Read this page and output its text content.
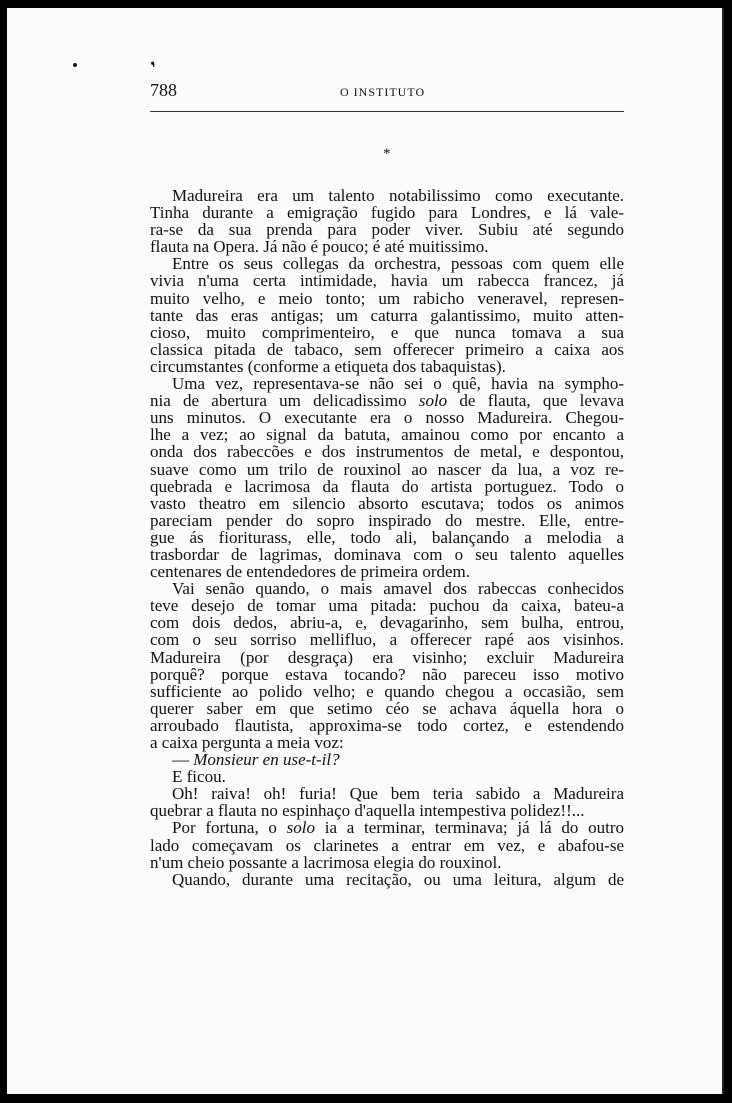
❜
788	O INSTITUTO
*
Madureira era um talento notabilissimo como executante.
Tinha durante a emigração fugido para Londres, e lá vale-
ra-se da sua prenda para poder viver. Subiu até segundo
flauta na Opera. Já não é pouco; é até muitissimo.
Entre os seus collegas da orchestra, pessoas com quem elle
vivia n'uma certa intimidade, havia um rabecca francez, já
muito velho, e meio tonto; um rabicho veneravel, represen-
tante das eras antigas; um caturra galantissimo, muito atten-
cioso, muito comprimenteiro, e que nunca tomava a sua
classica pitada de tabaco, sem offerecer primeiro a caixa aos
circumstantes (conforme a etiqueta dos tabaquistas).
Uma vez, representava-se não sei o quê, havia na sympho-
nia de abertura um delicadissimo solo de flauta, que levava
uns minutos. O executante era o nosso Madureira. Chegou-
lhe a vez; ao signal da batuta, amainou como por encanto a
onda dos rabeccões e dos instrumentos de metal, e despontou,
suave como um trilo de rouxinol ao nascer da lua, a voz re-
quebrada e lacrimosa da flauta do artista portuguez. Todo o
vasto theatro em silencio absorto escutava; todos os animos
pareciam pender do sopro inspirado do mestre. Elle, entre-
gue ás fioriturass, elle, todo ali, balançando a melodia a
trasbordar de lagrimas, dominava com o seu talento aquelles
centenares de entendedores de primeira ordem.
Vai senão quando, o mais amavel dos rabeccas conhecidos
teve desejo de tomar uma pitada: puchou da caixa, bateu-a
com dois dedos, abriu-a, e, devagarinho, sem bulha, entrou,
com o seu sorriso mellifluo, a offerecer rapé aos visinhos.
Madureira (por desgraça) era visinho; excluir Madureira
porquê? porque estava tocando? não pareceu isso motivo
sufficiente ao polido velho; e quando chegou a occasião, sem
querer saber em que setimo céo se achava áquella hora o
arroubado flautista, approxima-se todo cortez, e estendendo
a caixa pergunta a meia voz:
— Monsieur en use-t-il?
E ficou.
Oh! raiva! oh! furia! Que bem teria sabido a Madureira
quebrar a flauta no espinhaço d'aquella intempestiva polidez!!...
Por fortuna, o solo ia a terminar, terminava; já lá do outro
lado começavam os clarinetes a entrar em vez, e abafou-se
n'um cheio possante a lacrimosa elegia do rouxinol.
Quando, durante uma recitação, ou uma leitura, algum de
